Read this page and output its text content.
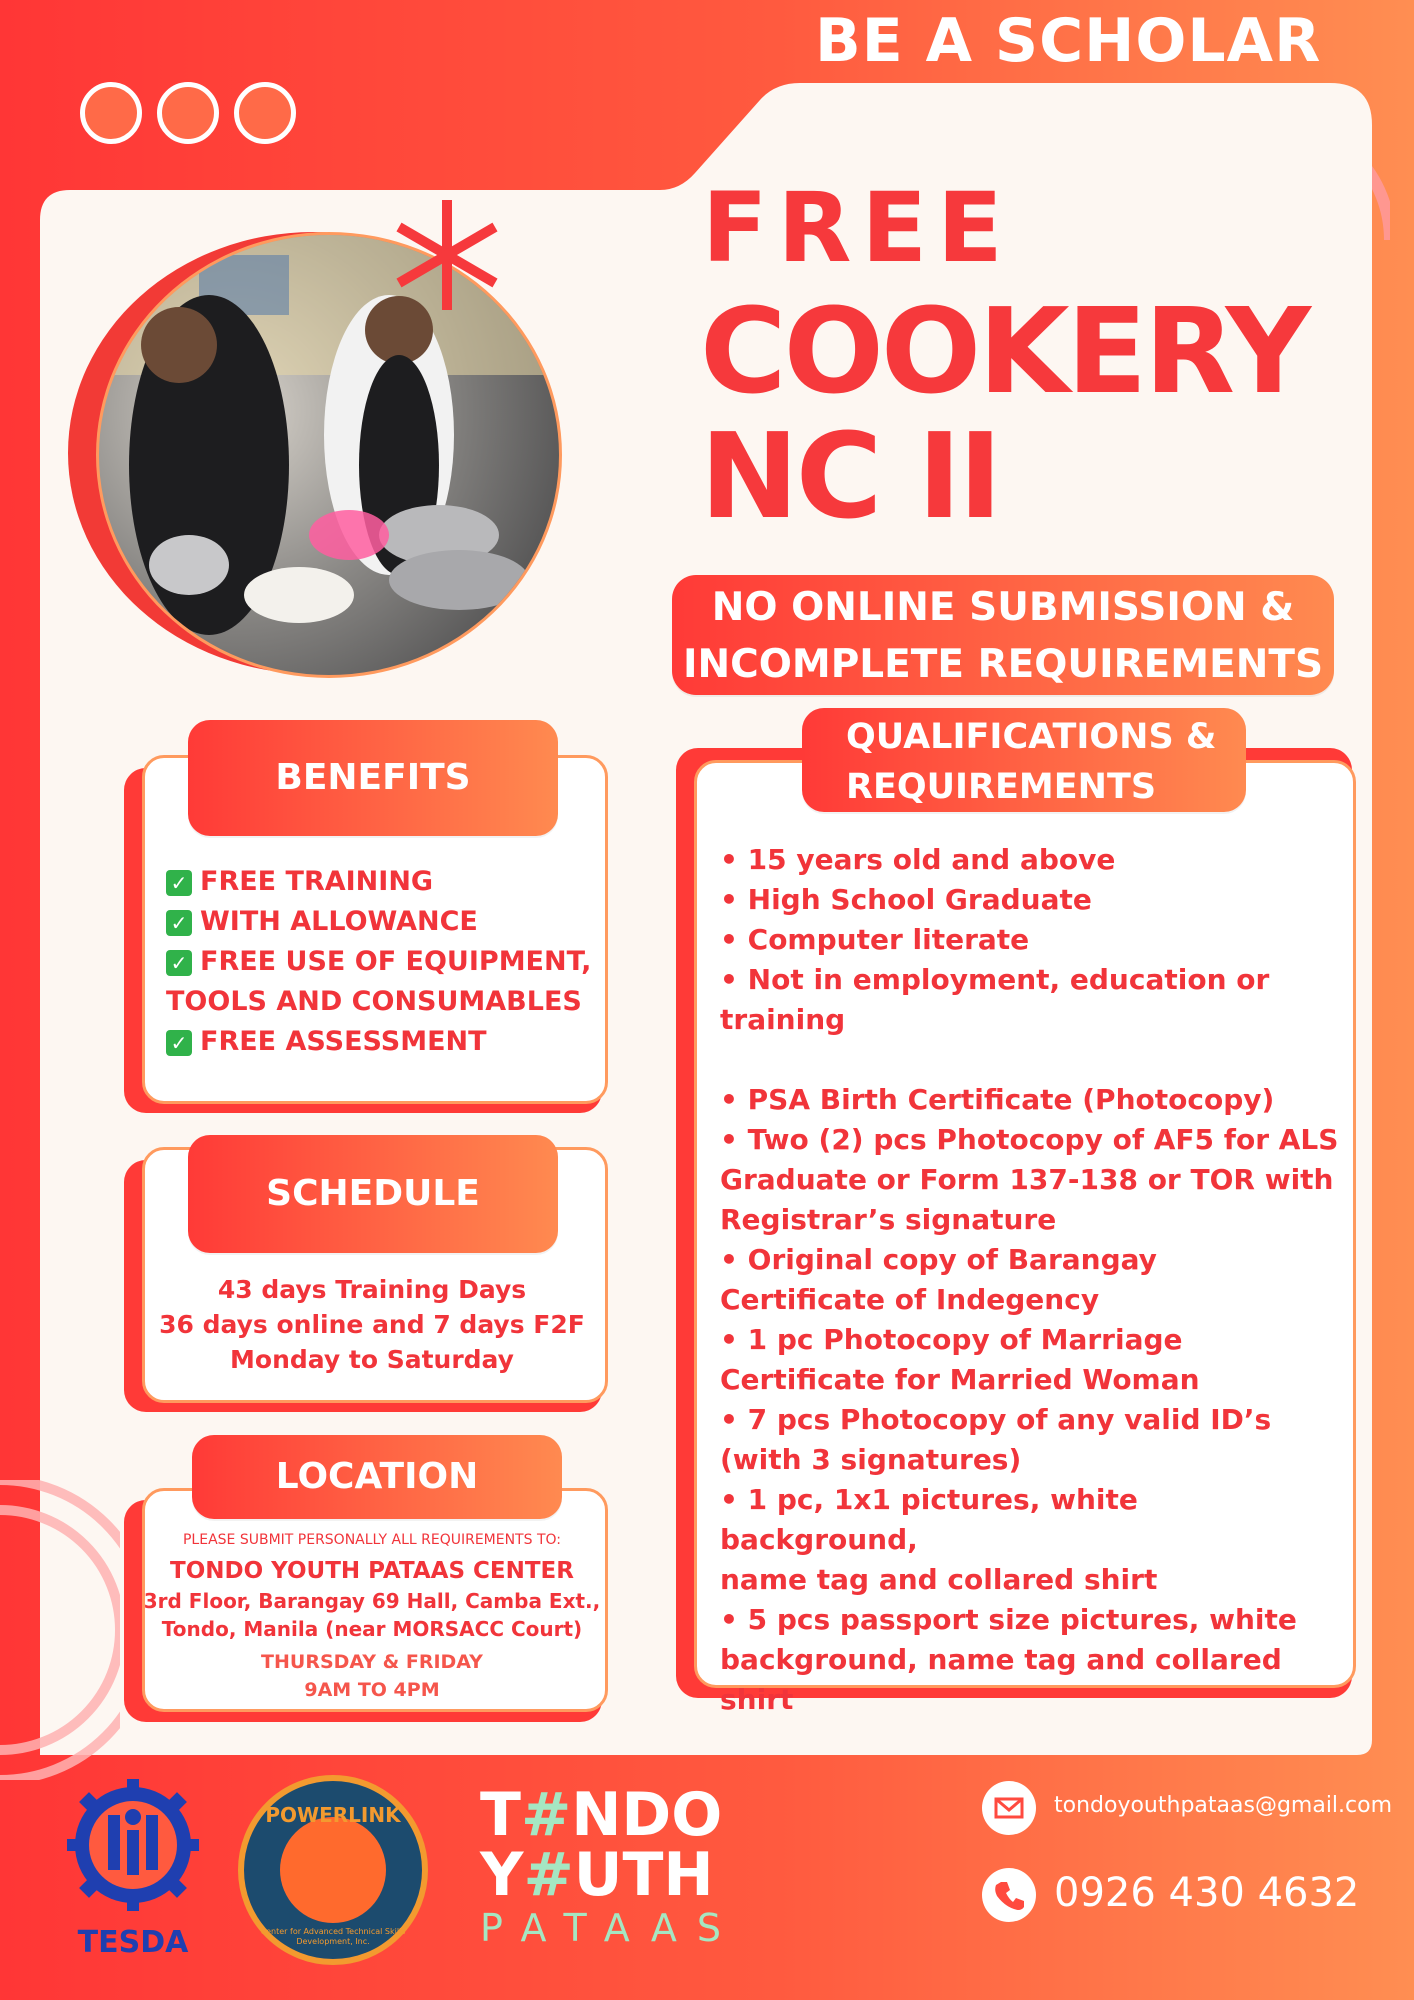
BE A SCHOLAR
FREE
COOKERY
NC II
NO ONLINE SUBMISSION &
INCOMPLETE REQUIREMENTS
BENEFITS
✓ FREE TRAINING
✓ WITH ALLOWANCE
✓ FREE USE OF EQUIPMENT,
TOOLS AND CONSUMABLES
✓ FREE ASSESSMENT
SCHEDULE
43 days Training Days
36 days online and 7 days F2F
Monday to Saturday
LOCATION
PLEASE SUBMIT PERSONALLY ALL REQUIREMENTS TO:
TONDO YOUTH PATAAS CENTER
3rd Floor, Barangay 69 Hall, Camba Ext.,
Tondo, Manila (near MORSACC Court)
THURSDAY & FRIDAY
9AM TO 4PM
QUALIFICATIONS &
REQUIREMENTS
• 15 years old and above
• High School Graduate
• Computer literate
• Not in employment, education or
training
• PSA Birth Certificate (Photocopy)
• Two (2) pcs Photocopy of AF5 for ALS
Graduate or Form 137-138 or TOR with
Registrar’s signature
• Original copy of Barangay
Certificate of Indegency
• 1 pc Photocopy of Marriage
Certificate for Married Woman
• 7 pcs Photocopy of any valid ID’s
(with 3 signatures)
• 1 pc, 1x1 pictures, white background,
name tag and collared shirt
• 5 pcs passport size pictures, white
background, name tag and collared
shirt
TESDA
POWERLINK
Center for Advanced Technical Skills Development, Inc.
T#NDO
Y#UTH
PATAAS
tondoyouthpataas@gmail.com
0926 430 4632
